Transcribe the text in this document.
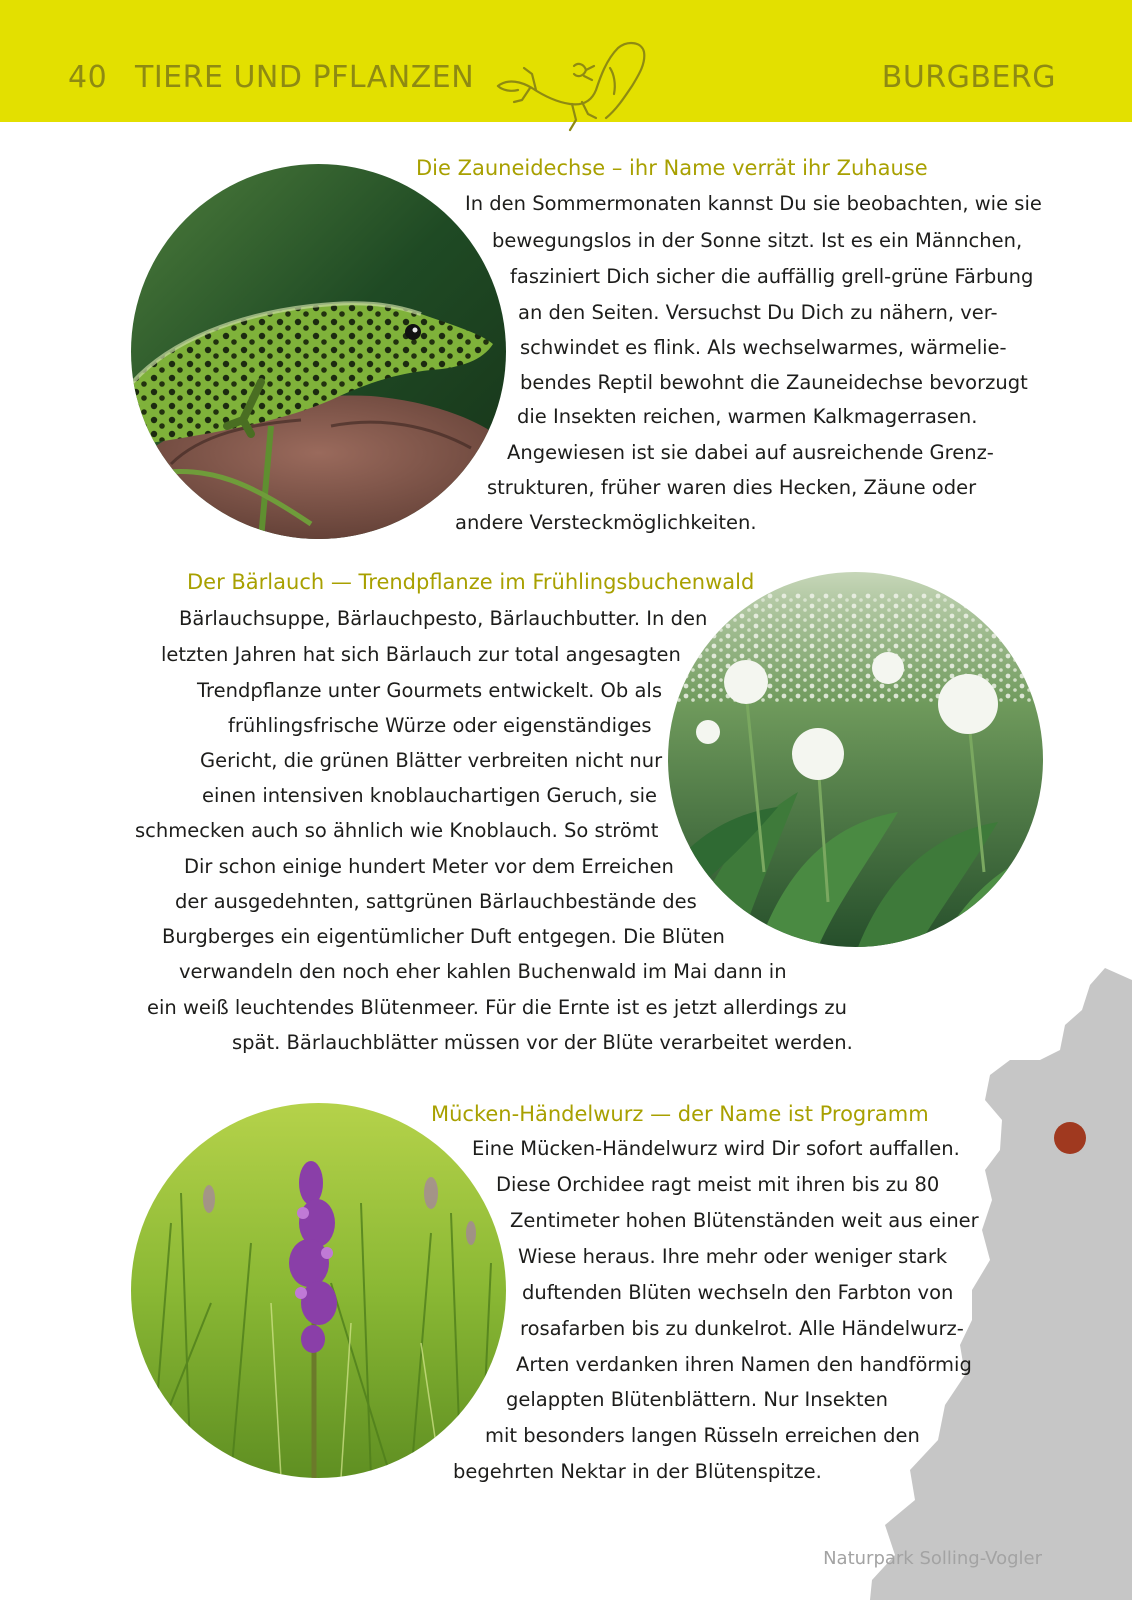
40 TIERE UND PFLANZEN	BURGBERG
Die Zauneidechse – ihr Name verrät ihr Zuhause
In den Sommermonaten kannst Du sie beobachten, wie sie
bewegungslos in der Sonne sitzt. Ist es ein Männchen,
fasziniert Dich sicher die auffällig grell-grüne Färbung
an den Seiten. Versuchst Du Dich zu nähern, ver-
schwindet es flink. Als wechselwarmes, wärmelie-
bendes Reptil bewohnt die Zauneidechse bevorzugt
die Insekten reichen, warmen Kalkmagerrasen.
Angewiesen ist sie dabei auf ausreichende Grenz-
strukturen, früher waren dies Hecken, Zäune oder
andere Versteckmöglichkeiten.
Der Bärlauch — Trendpflanze im Frühlingsbuchenwald
Bärlauchsuppe, Bärlauchpesto, Bärlauchbutter. In den
letzten Jahren hat sich Bärlauch zur total angesagten
Trendpflanze unter Gourmets entwickelt. Ob als
frühlingsfrische Würze oder eigenständiges
Gericht, die grünen Blätter verbreiten nicht nur
einen intensiven knoblauchartigen Geruch, sie
schmecken auch so ähnlich wie Knoblauch. So strömt
Dir schon einige hundert Meter vor dem Erreichen
der ausgedehnten, sattgrünen Bärlauchbestände des
Burgberges ein eigentümlicher Duft entgegen. Die Blüten
verwandeln den noch eher kahlen Buchenwald im Mai dann in
ein weiß leuchtendes Blütenmeer. Für die Ernte ist es jetzt allerdings zu
spät. Bärlauchblätter müssen vor der Blüte verarbeitet werden.
Mücken-Händelwurz — der Name ist Programm
Eine Mücken-Händelwurz wird Dir sofort auffallen.
Diese Orchidee ragt meist mit ihren bis zu 80
Zentimeter hohen Blütenständen weit aus einer
Wiese heraus. Ihre mehr oder weniger stark
duftenden Blüten wechseln den Farbton von
rosafarben bis zu dunkelrot. Alle Händelwurz-
Arten verdanken ihren Namen den handförmig
gelappten Blütenblättern. Nur Insekten
mit besonders langen Rüsseln erreichen den
begehrten Nektar in der Blütenspitze.
Naturpark Solling-Vogler
